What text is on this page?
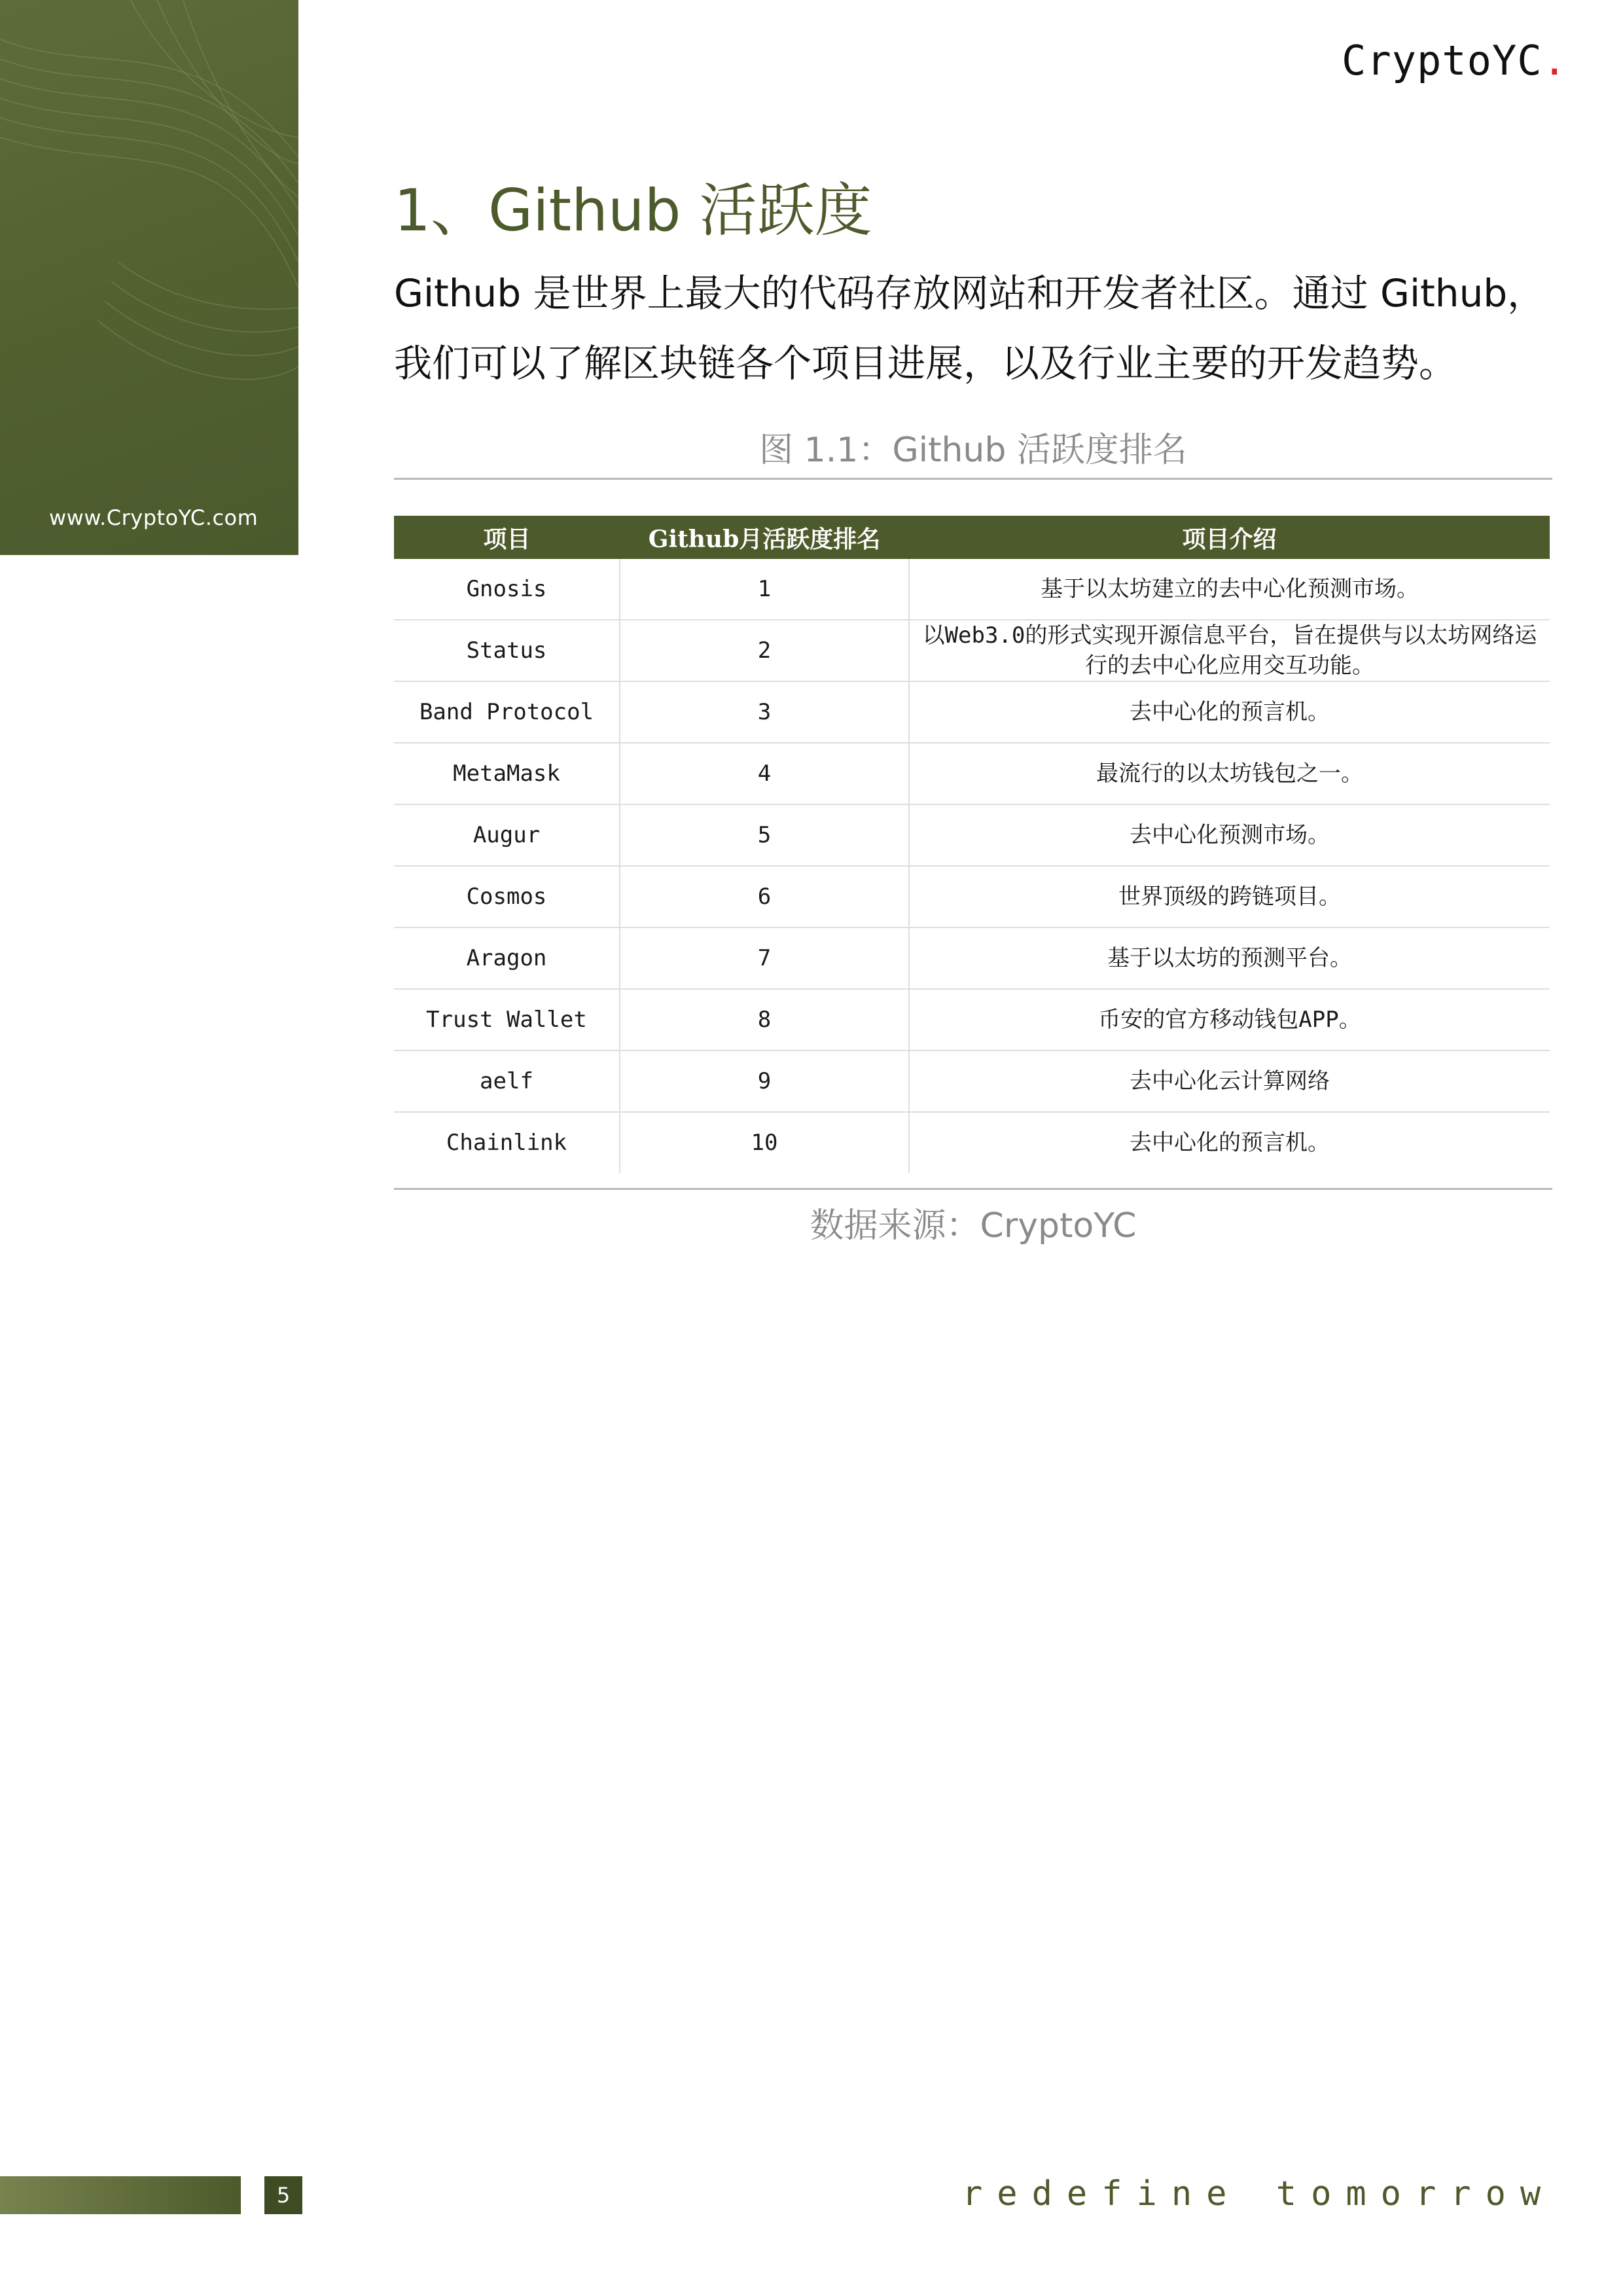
www.CryptoYC.com
CryptoYC.
1、Github 活跃度
Github 是世界上最大的代码存放网站和开发者社区。通过 Github，我们可以了解区块链各个项目进展，以及行业主要的开发趋势。
图 1.1：Github 活跃度排名
项目	Github月活跃度排名	项目介绍
Gnosis	1	基于以太坊建立的去中心化预测市场。
Status	2	以Web3.0的形式实现开源信息平台，旨在提供与以太坊网络运行的去中心化应用交互功能。
Band Protocol	3	去中心化的预言机。
MetaMask	4	最流行的以太坊钱包之一。
Augur	5	去中心化预测市场。
Cosmos	6	世界顶级的跨链项目。
Aragon	7	基于以太坊的预测平台。
Trust Wallet	8	币安的官方移动钱包APP。
aelf	9	去中心化云计算网络
Chainlink	10	去中心化的预言机。
数据来源：CryptoYC
5	redefine tomorrow
